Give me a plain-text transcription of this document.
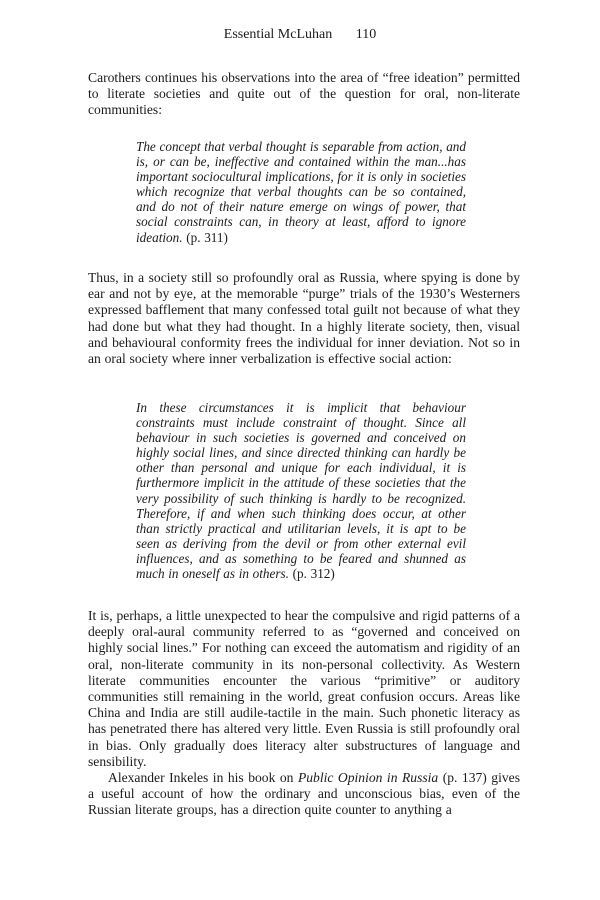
Essential McLuhan 110

Carothers continues his observations into the area of “free ideation” permitted to literate societies and quite out of the question for oral, non-literate communities:

The concept that verbal thought is separable from action, and is, or can be, ineffective and contained within the man...has important sociocultural implications, for it is only in societies which recognize that verbal thoughts can be so contained, and do not of their nature emerge on wings of power, that social constraints can, in theory at least, afford to ignore ideation. (p. 311)

Thus, in a society still so profoundly oral as Russia, where spying is done by ear and not by eye, at the memorable “purge” trials of the 1930’s Westerners expressed bafflement that many confessed total guilt not because of what they had done but what they had thought. In a highly literate society, then, visual and behavioural conformity frees the individual for inner deviation. Not so in an oral society where inner verbalization is effective social action:

In these circumstances it is implicit that behaviour constraints must include constraint of thought. Since all behaviour in such societies is governed and conceived on highly social lines, and since directed thinking can hardly be other than personal and unique for each individual, it is furthermore implicit in the attitude of these societies that the very possibility of such thinking is hardly to be recognized. Therefore, if and when such thinking does occur, at other than strictly practical and utilitarian levels, it is apt to be seen as deriving from the devil or from other external evil influences, and as something to be feared and shunned as much in oneself as in others. (p. 312)

It is, perhaps, a little unexpected to hear the compulsive and rigid patterns of a deeply oral-aural community referred to as “governed and conceived on highly social lines.” For nothing can exceed the automatism and rigidity of an oral, non-literate community in its non-personal collectivity. As Western literate communities encounter the various “primitive” or auditory communities still remaining in the world, great confusion occurs. Areas like China and India are still audile-tactile in the main. Such phonetic literacy as has penetrated there has altered very little. Even Russia is still profoundly oral in bias. Only gradually does literacy alter substructures of language and sensibility.

Alexander Inkeles in his book on Public Opinion in Russia (p. 137) gives a useful account of how the ordinary and unconscious bias, even of the Russian literate groups, has a direction quite counter to anything a
